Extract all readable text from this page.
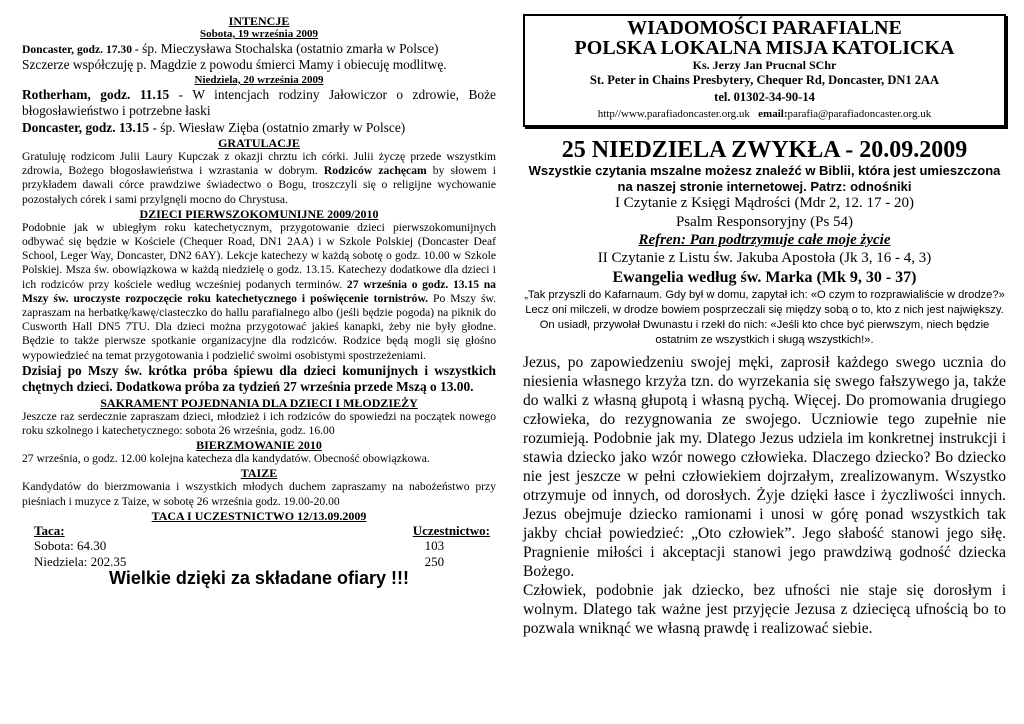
INTENCJE
Sobota, 19 września 2009
Doncaster, godz. 17.30 - śp. Mieczysława Stochalska (ostatnio zmarła w Polsce)
Szczerze współczuję p. Magdzie z powodu śmierci Mamy i obiecuję modlitwę.
Niedziela, 20 września 2009
Rotherham, godz. 11.15 - W intencjach rodziny Jałowiczor o zdrowie, Boże błogosławieństwo i potrzebne łaski
Doncaster, godz. 13.15 - śp. Wiesław Zięba (ostatnio zmarły w Polsce)
GRATULACJE
Gratuluję rodzicom Julii Laury Kupczak z okazji chrztu ich córki. Julii życzę przede wszystkim zdrowia, Bożego błogosławieństwa i wzrastania w dobrym. Rodziców zachęcam by słowem i przykładem dawali córce prawdziwe świadectwo o Bogu, troszczyli się o religijne wychowanie pozostałych córek i sami przylgnęli mocno do Chrystusa.
DZIECI PIERWSZOKOMUNIJNE 2009/2010
Podobnie jak w ubiegłym roku katechetycznym, przygotowanie dzieci pierwszokomunijnych odbywać się będzie w Kościele (Chequer Road, DN1 2AA) i w Szkole Polskiej (Doncaster Deaf School, Leger Way, Doncaster, DN2 6AY). Lekcje katechezy w każdą sobotę o godz. 10.00 w Szkole Polskiej. Msza św. obowiązkowa w każdą niedzielę o godz. 13.15. Katechezy dodatkowe dla dzieci i ich rodziców przy kościele według wcześniej podanych terminów. 27 września o godz. 13.15 na Mszy św. uroczyste rozpoczęcie roku katechetycznego i poświęcenie tornistrów. Po Mszy św. zapraszam na herbatkę/kawę/ciasteczko do hallu parafialnego albo (jeśli będzie pogoda) na piknik do Cusworth Hall DN5 7TU. Dla dzieci można przygotować jakieś kanapki, żeby nie były głodne. Będzie to także pierwsze spotkanie organizacyjne dla rodziców. Rodzice będą mogli się głośno wypowiedzieć na temat przygotowania i podzielić swoimi osobistymi spostrzeżeniami.
Dzisiaj po Mszy św. krótka próba śpiewu dla dzieci komunijnych i wszystkich chętnych dzieci. Dodatkowa próba za tydzień 27 września przede Mszą o 13.00.
SAKRAMENT POJEDNANIA DLA DZIECI I MŁODZIEŻY
Jeszcze raz serdecznie zapraszam dzieci, młodzież i ich rodziców do spowiedzi na początek nowego roku szkolnego i katechetycznego: sobota 26 września, godz. 16.00
BIERZMOWANIE 2010
27 września, o godz. 12.00 kolejna katecheza dla kandydatów. Obecność obowiązkowa.
TAIZE
Kandydatów do bierzmowania i wszystkich młodych duchem zapraszamy na nabożeństwo przy pieśniach i muzyce z Taize, w sobotę 26 września godz. 19.00-20.00
TACA I UCZESTNICTWO 12/13.09.2009
Taca:
Sobota: 64.30
Niedziela: 202.35
Uczestnictwo:
103
250
Wielkie dzięki za składane ofiary !!!
WIADOMOŚCI PARAFIALNE
POLSKA LOKALNA MISJA KATOLICKA
Ks. Jerzy Jan Prucnal SChr
St. Peter in Chains Presbytery, Chequer Rd, Doncaster, DN1 2AA
tel. 01302-34-90-14
http//www.parafiadoncaster.org.uk email:parafia@parafiadoncaster.org.uk
25 NIEDZIELA ZWYKŁA - 20.09.2009
Wszystkie czytania mszalne możesz znaleźć w Biblii, która jest umieszczona na naszej stronie internetowej. Patrz: odnośniki
I Czytanie z Księgi Mądrości (Mdr 2, 12. 17 - 20)
Psalm Responsoryjny (Ps 54)
Refren: Pan podtrzymuje całe moje życie
II Czytanie z Listu św. Jakuba Apostoła (Jk 3, 16 - 4, 3)
Ewangelia według św. Marka (Mk 9, 30 - 37)
„Tak przyszli do Kafarnaum. Gdy był w domu, zapytał ich: «O czym to rozprawialiście w drodze?» Lecz oni milczeli, w drodze bowiem posprzeczali się między sobą o to, kto z nich jest największy. On usiadł, przywołał Dwunastu i rzekł do nich: «Jeśli kto chce być pierwszym, niech będzie ostatnim ze wszystkich i sługą wszystkich!».

Jezus, po zapowiedzeniu swojej męki, zaprosił każdego swego ucznia do niesienia własnego krzyża tzn. do wyrzekania się swego fałszywego ja, także do walki z własną głupotą i własną pychą. Więcej. Do promowania drugiego człowieka, do rezygnowania ze swojego. Uczniowie tego zupełnie nie rozumieją. Podobnie jak my. Dlatego Jezus udziela im konkretnej instrukcji i stawia dziecko jako wzór nowego człowieka. Dlaczego dziecko? Bo dziecko nie jest jeszcze w pełni człowiekiem dojrzałym, zrealizowanym. Wszystko otrzymuje od innych, od dorosłych. Żyje dzięki łasce i życzliwości innych. Jezus obejmuje dziecko ramionami i unosi w górę ponad wszystkich tak jakby chciał powiedzieć: „Oto człowiek”. Jego słabość stanowi jego siłę. Pragnienie miłości i akceptacji stanowi jego prawdziwą godność dziecka Bożego.

Człowiek, podobnie jak dziecko, bez ufności nie staje się dorosłym i wolnym. Dlatego tak ważne jest przyjęcie Jezusa z dziecięcą ufnością bo to pozwala wniknąć we własną prawdę i realizować siebie.
